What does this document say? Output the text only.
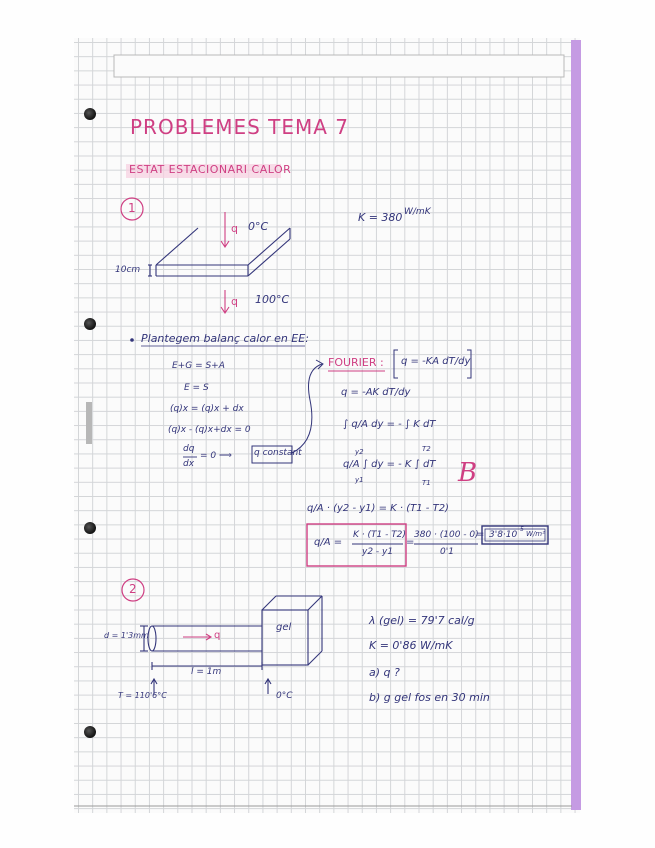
PROBLEMES TEMA 7
ESTAT ESTACIONARI CALOR
1
K = 380 W/mK
0°C
100°C
q
q
10cm
Plantegem balanç calor en EE:
E+G = S+A
E = S
(q)x = (q)x + dx
(q)x - (q)x+dx = 0
dq
dx
= 0 ⟹ q constant
FOURIER : q = -KA dT/dy
q = -AK dT/dy
∫ q/A dy = - ∫ K dT
q/A ∫ dy = - K ∫ dT
y2
y1
T2
T1 B
q/A · (y2 - y1) = K · (T1 - T2)
q/A =
K · (T1 - T2)
y2 - y1
=
380 · (100 - 0)
0'1
= 3'8·10
5
W/m²
2
d = 1'3mm
l = 1m
q
gel
T = 110'6°C	0°C
λ (gel) = 79'7 cal/g
K = 0'86 W/mK
a) q ?
b) g gel fos en 30 min
